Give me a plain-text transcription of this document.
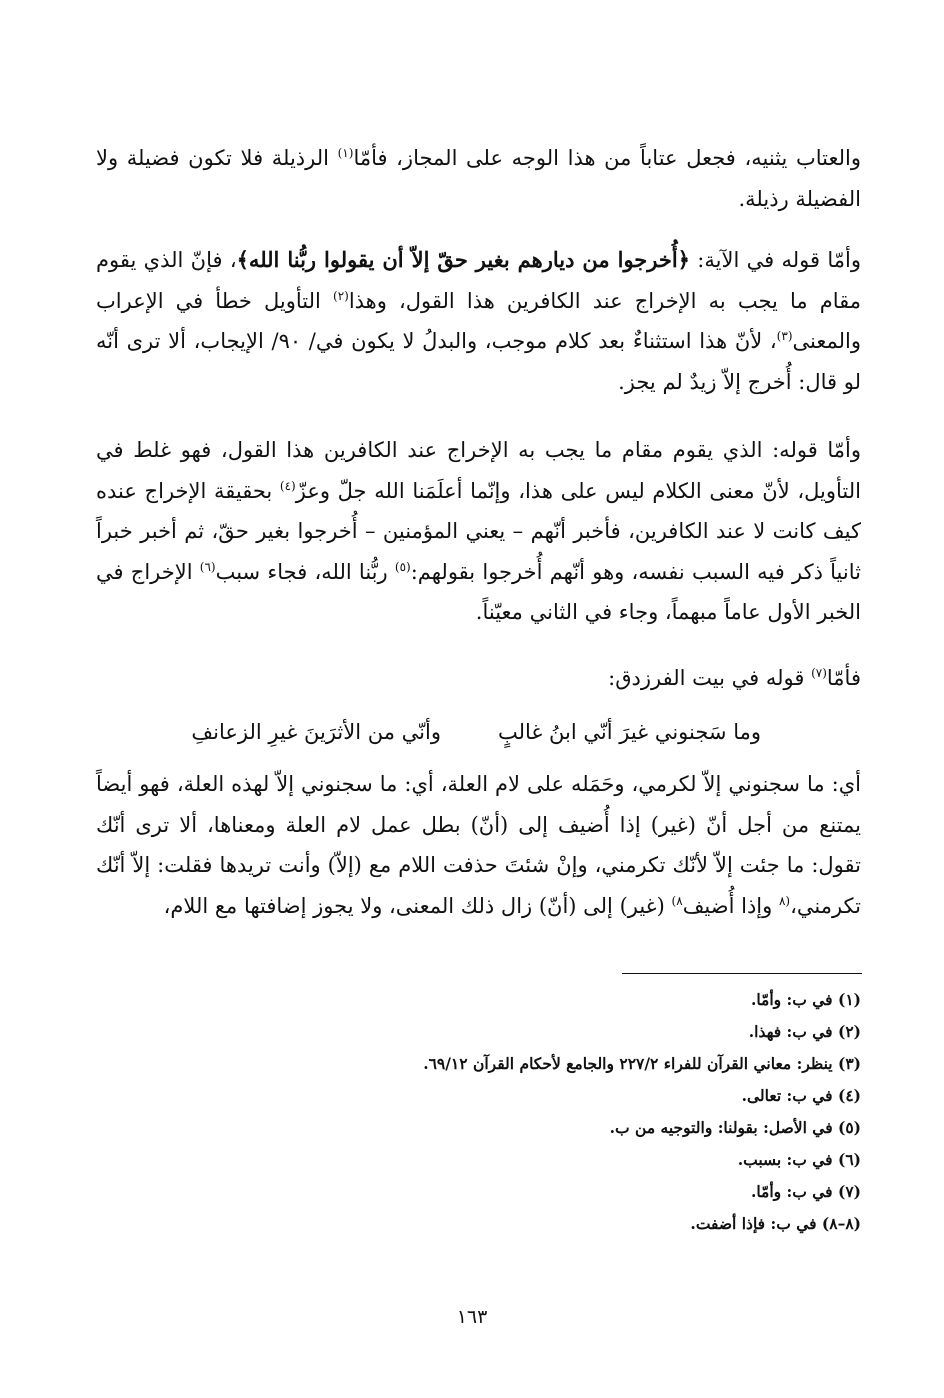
والعتاب يثنيه، فجعل عتاباً من هذا الوجه على المجاز، فأمّا$^{(١)}$ الرذيلة فلا تكون فضيلة ولا الفضيلة رذيلة.

وأمّا قوله في الآية: ﴿أُخرجوا من ديارهم بغير حقّ إلاّ أن يقولوا ربُّنا الله﴾، فإنّ الذي يقوم مقام ما يجب به الإخراج عند الكافرين هذا القول، وهذا$^{(٢)}$ التأويل خطأ في الإعراب والمعنى$^{(٣)}$، لأنّ هذا استثناءٌ بعد كلام موجب، والبدلُ لا يكون في/ ٩٠/ الإيجاب، ألا ترى أنّه لو قال: أُخرج إلاّ زيدٌ لم يجز.

وأمّا قوله: الذي يقوم مقام ما يجب به الإخراج عند الكافرين هذا القول، فهو غلط في التأويل، لأنّ معنى الكلام ليس على هذا، وإنّما أعلَمَنا الله جلّ وعزّ$^{(٤)}$ بحقيقة الإخراج عنده كيف كانت لا عند الكافرين، فأخبر أنّهم – يعني المؤمنين – أُخرجوا بغير حقّ، ثم أخبر خبراً ثانياً ذكر فيه السبب نفسه، وهو أنّهم أُخرجوا بقولهم:$^{(٥)}$ ربُّنا الله، فجاء سبب$^{(٦)}$ الإخراج في الخبر الأول عاماً مبهماً، وجاء في الثاني معيّناً.

فأمّا$^{(٧)}$ قوله في بيت الفرزدق:

وما سَجنوني غيرَ أنّي ابنُ غالبٍ
وأنّي من الأثرَينَ غيرِ الزعانفِ

أي: ما سجنوني إلاّ لكرمي، وحَمَله على لام العلة، أي: ما سجنوني إلاّ لهذه العلة، فهو أيضاً يمتنع من أجل أنّ (غير) إذا أُضيف إلى (أنّ) بطل عمل لام العلة ومعناها، ألا ترى أنّك تقول: ما جئت إلاّ لأنّك تكرمني، وإنْ شئتَ حذفت اللام مع (إلاّ) وأنت تريدها فقلت: إلاّ أنّك تكرمني،$^{(٨}$ وإذا أُضيف$^{٨)}$ (غير) إلى (أنّ) زال ذلك المعنى، ولا يجوز إضافتها مع اللام،

(١) في ب: وأمّا.
(٢) في ب: فهذا.
(٣) ينظر: معاني القرآن للفراء ٢٢٧/٢ والجامع لأحكام القرآن ٦٩/١٢.
(٤) في ب: تعالى.
(٥) في الأصل: بقولنا: والتوجيه من ب.
(٦) في ب: بسبب.
(٧) في ب: وأمّا.
(٨–٨) في ب: فإذا أضفت.
١٦٣
